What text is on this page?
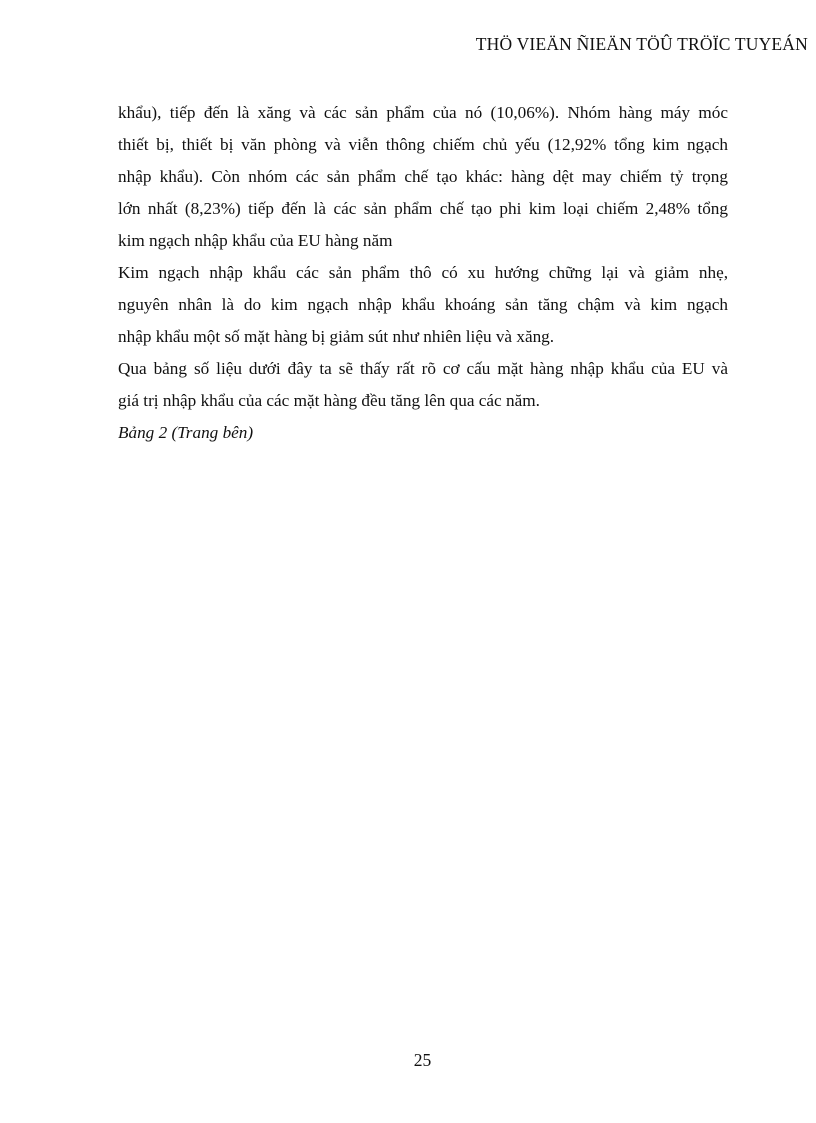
THÖ VIEÄN ÑIEÄN TÖÛ TRÖÏC TUYEÁN

khẩu), tiếp đến là xăng và các sản phẩm của nó (10,06%). Nhóm hàng máy móc
thiết bị, thiết bị văn phòng và viễn thông chiếm chủ yếu (12,92% tổng kim ngạch
nhập khẩu). Còn nhóm các sản phẩm chế tạo khác: hàng dệt may chiếm tỷ trọng
lớn nhất (8,23%) tiếp đến là các sản phẩm chế tạo phi kim loại chiếm 2,48% tổng
kim ngạch nhập khẩu của EU hàng năm

Kim ngạch nhập khẩu các sản phẩm thô có xu hướng chững lại và giảm nhẹ,
nguyên nhân là do kim ngạch nhập khẩu khoáng sản tăng chậm và kim ngạch
nhập khẩu một số mặt hàng bị giảm sút như nhiên liệu và xăng.

Qua bảng số liệu dưới đây ta sẽ thấy rất rõ cơ cấu mặt hàng nhập khẩu của EU và
giá trị nhập khẩu của các mặt hàng đều tăng lên qua các năm.

Bảng 2 (Trang bên)

25
